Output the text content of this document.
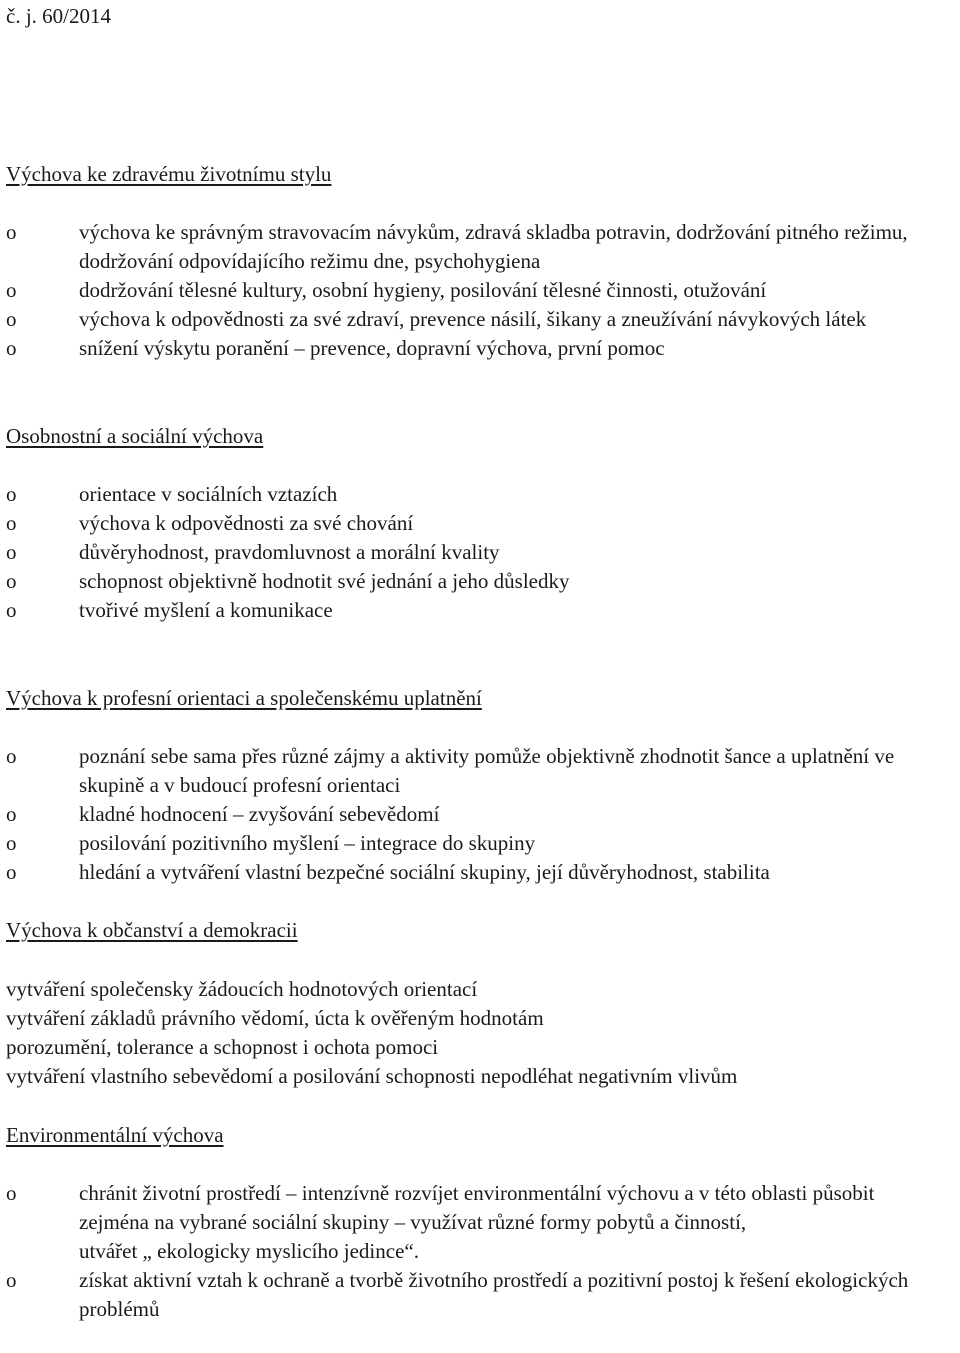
č. j. 60/2014

Výchova ke zdravému životnímu stylu
o	výchova ke správným stravovacím návykům, zdravá skladba potravin, dodržování pitného režimu, dodržování odpovídajícího režimu dne, psychohygiena
o	dodržování tělesné kultury, osobní hygieny, posilování tělesné činnosti, otužování
o	výchova k odpovědnosti za své zdraví, prevence násilí, šikany a zneužívání návykových látek
o	snížení výskytu poranění – prevence, dopravní výchova, první pomoc
Osobnostní a sociální výchova
o	orientace v sociálních vztazích
o	výchova k odpovědnosti za své chování
o	důvěryhodnost, pravdomluvnost a morální kvality
o	schopnost objektivně hodnotit své jednání a jeho důsledky
o	tvořivé myšlení a komunikace
Výchova k profesní orientaci a společenskému uplatnění
o	poznání sebe sama přes různé zájmy a aktivity pomůže objektivně zhodnotit šance a uplatnění ve skupině a v budoucí profesní orientaci
o	kladné hodnocení – zvyšování sebevědomí
o	posilování pozitivního myšlení – integrace do skupiny
o	hledání a vytváření vlastní bezpečné sociální skupiny, její důvěryhodnost, stabilita
Výchova k občanství a demokracii

vytváření společensky žádoucích hodnotových orientací

vytváření základů právního vědomí, úcta k ověřeným hodnotám

porozumění, tolerance a schopnost i ochota pomoci

vytváření vlastního sebevědomí a posilování schopnosti nepodléhat negativním vlivům

Environmentální výchova
o	chránit životní prostředí – intenzívně rozvíjet environmentální výchovu a v této oblasti působit zejména na vybrané sociální skupiny – využívat různé formy pobytů a činností,
utvářet „ ekologicky myslicího jedince“.
o	získat aktivní vztah k ochraně a tvorbě životního prostředí a pozitivní postoj k řešení ekologických problémů
